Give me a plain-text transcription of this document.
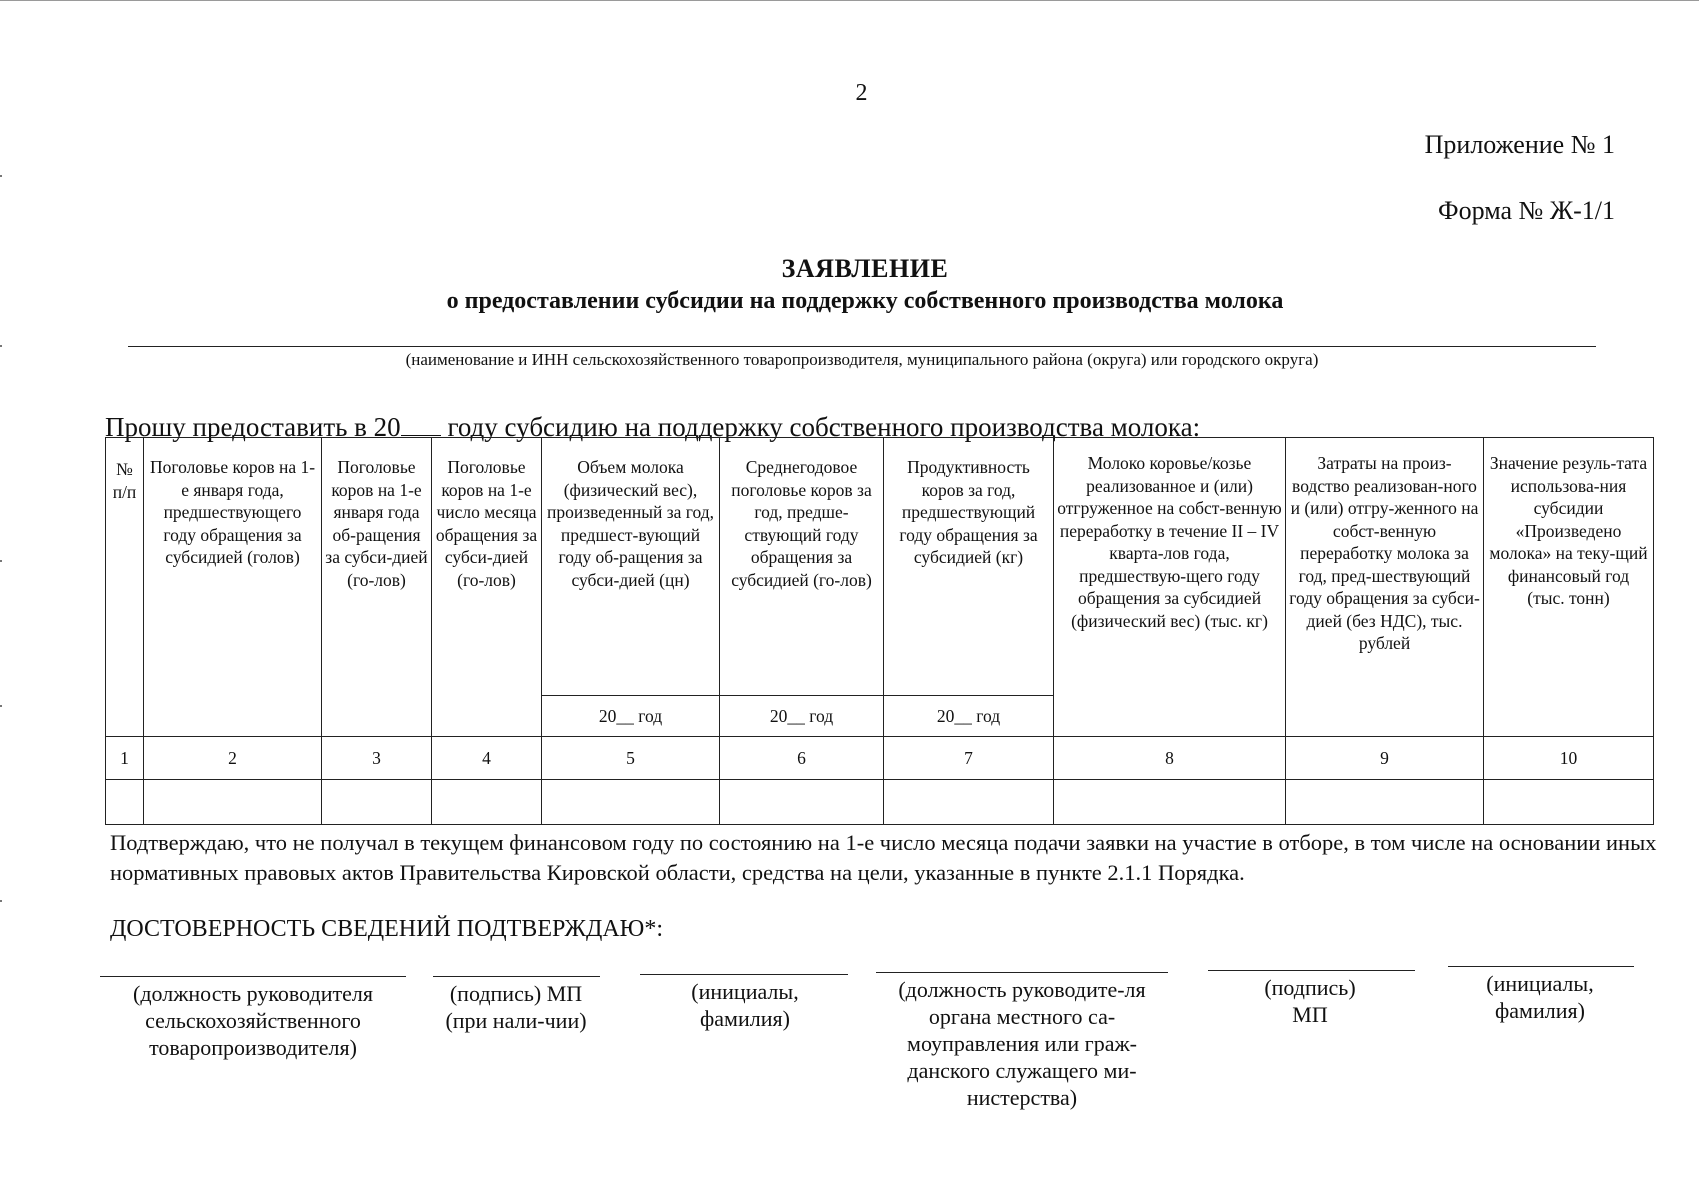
2
Приложение № 1
Форма № Ж-1/1
ЗАЯВЛЕНИЕ
о предоставлении субсидии на поддержку собственного производства молока
(наименование и ИНН сельскохозяйственного товаропроизводителя, муниципального района (округа) или городского округа)
Прошу предоставить в 20 году субсидию на поддержку собственного производства молока:
№ п/п	Поголовье коров на 1-е января года, предшествующего году обращения за субсидией (голов)	Поголовье коров на 1-е января года об-ращения за субси-дией (го-лов)	Поголовье коров на 1-е число месяца обращения за субси-дией (го-лов)	Объем молока (физический вес), произведенный за год, предшест-вующий году об-ращения за субси-дией (цн)	Среднегодовое поголовье коров за год, предше-ствующий году обращения за субсидией (го-лов)	Продуктивность коров за год, предшествующий году обращения за субсидией (кг)	Молоко коровье/козье реализованное и (или) отгруженное на собст-венную переработку в течение II – IV кварта-лов года, предшествую-щего году обращения за субсидией (физический вес) (тыс. кг)	Затраты на произ-водство реализован-ного и (или) отгру-женного на собст-венную переработку молока за год, пред-шествующий году обращения за субси-дией (без НДС), тыс. рублей	Значение резуль-тата использова-ния субсидии «Произведено молока» на теку-щий финансовый год (тыс. тонн)
				20__ год	20__ год	20__ год			
1	2	3	4	5	6	7	8	9	10

Подтверждаю, что не получал в текущем финансовом году по состоянию на 1-е число месяца подачи заявки на участие в отборе, в том числе на основании иных нормативных правовых актов Правительства Кировской области, средства на цели, указанные в пункте 2.1.1 Порядка.
ДОСТОВЕРНОСТЬ СВЕДЕНИЙ ПОДТВЕРЖДАЮ*:
(должность руководителя сельскохозяйственного товаропроизводителя)
(подпись) МП (при нали-чии)
(инициалы, фамилия)
(должность руководите-ля органа местного са-моуправления или граж-данского служащего ми-нистерства)
(подпись) МП
(инициалы, фамилия)
